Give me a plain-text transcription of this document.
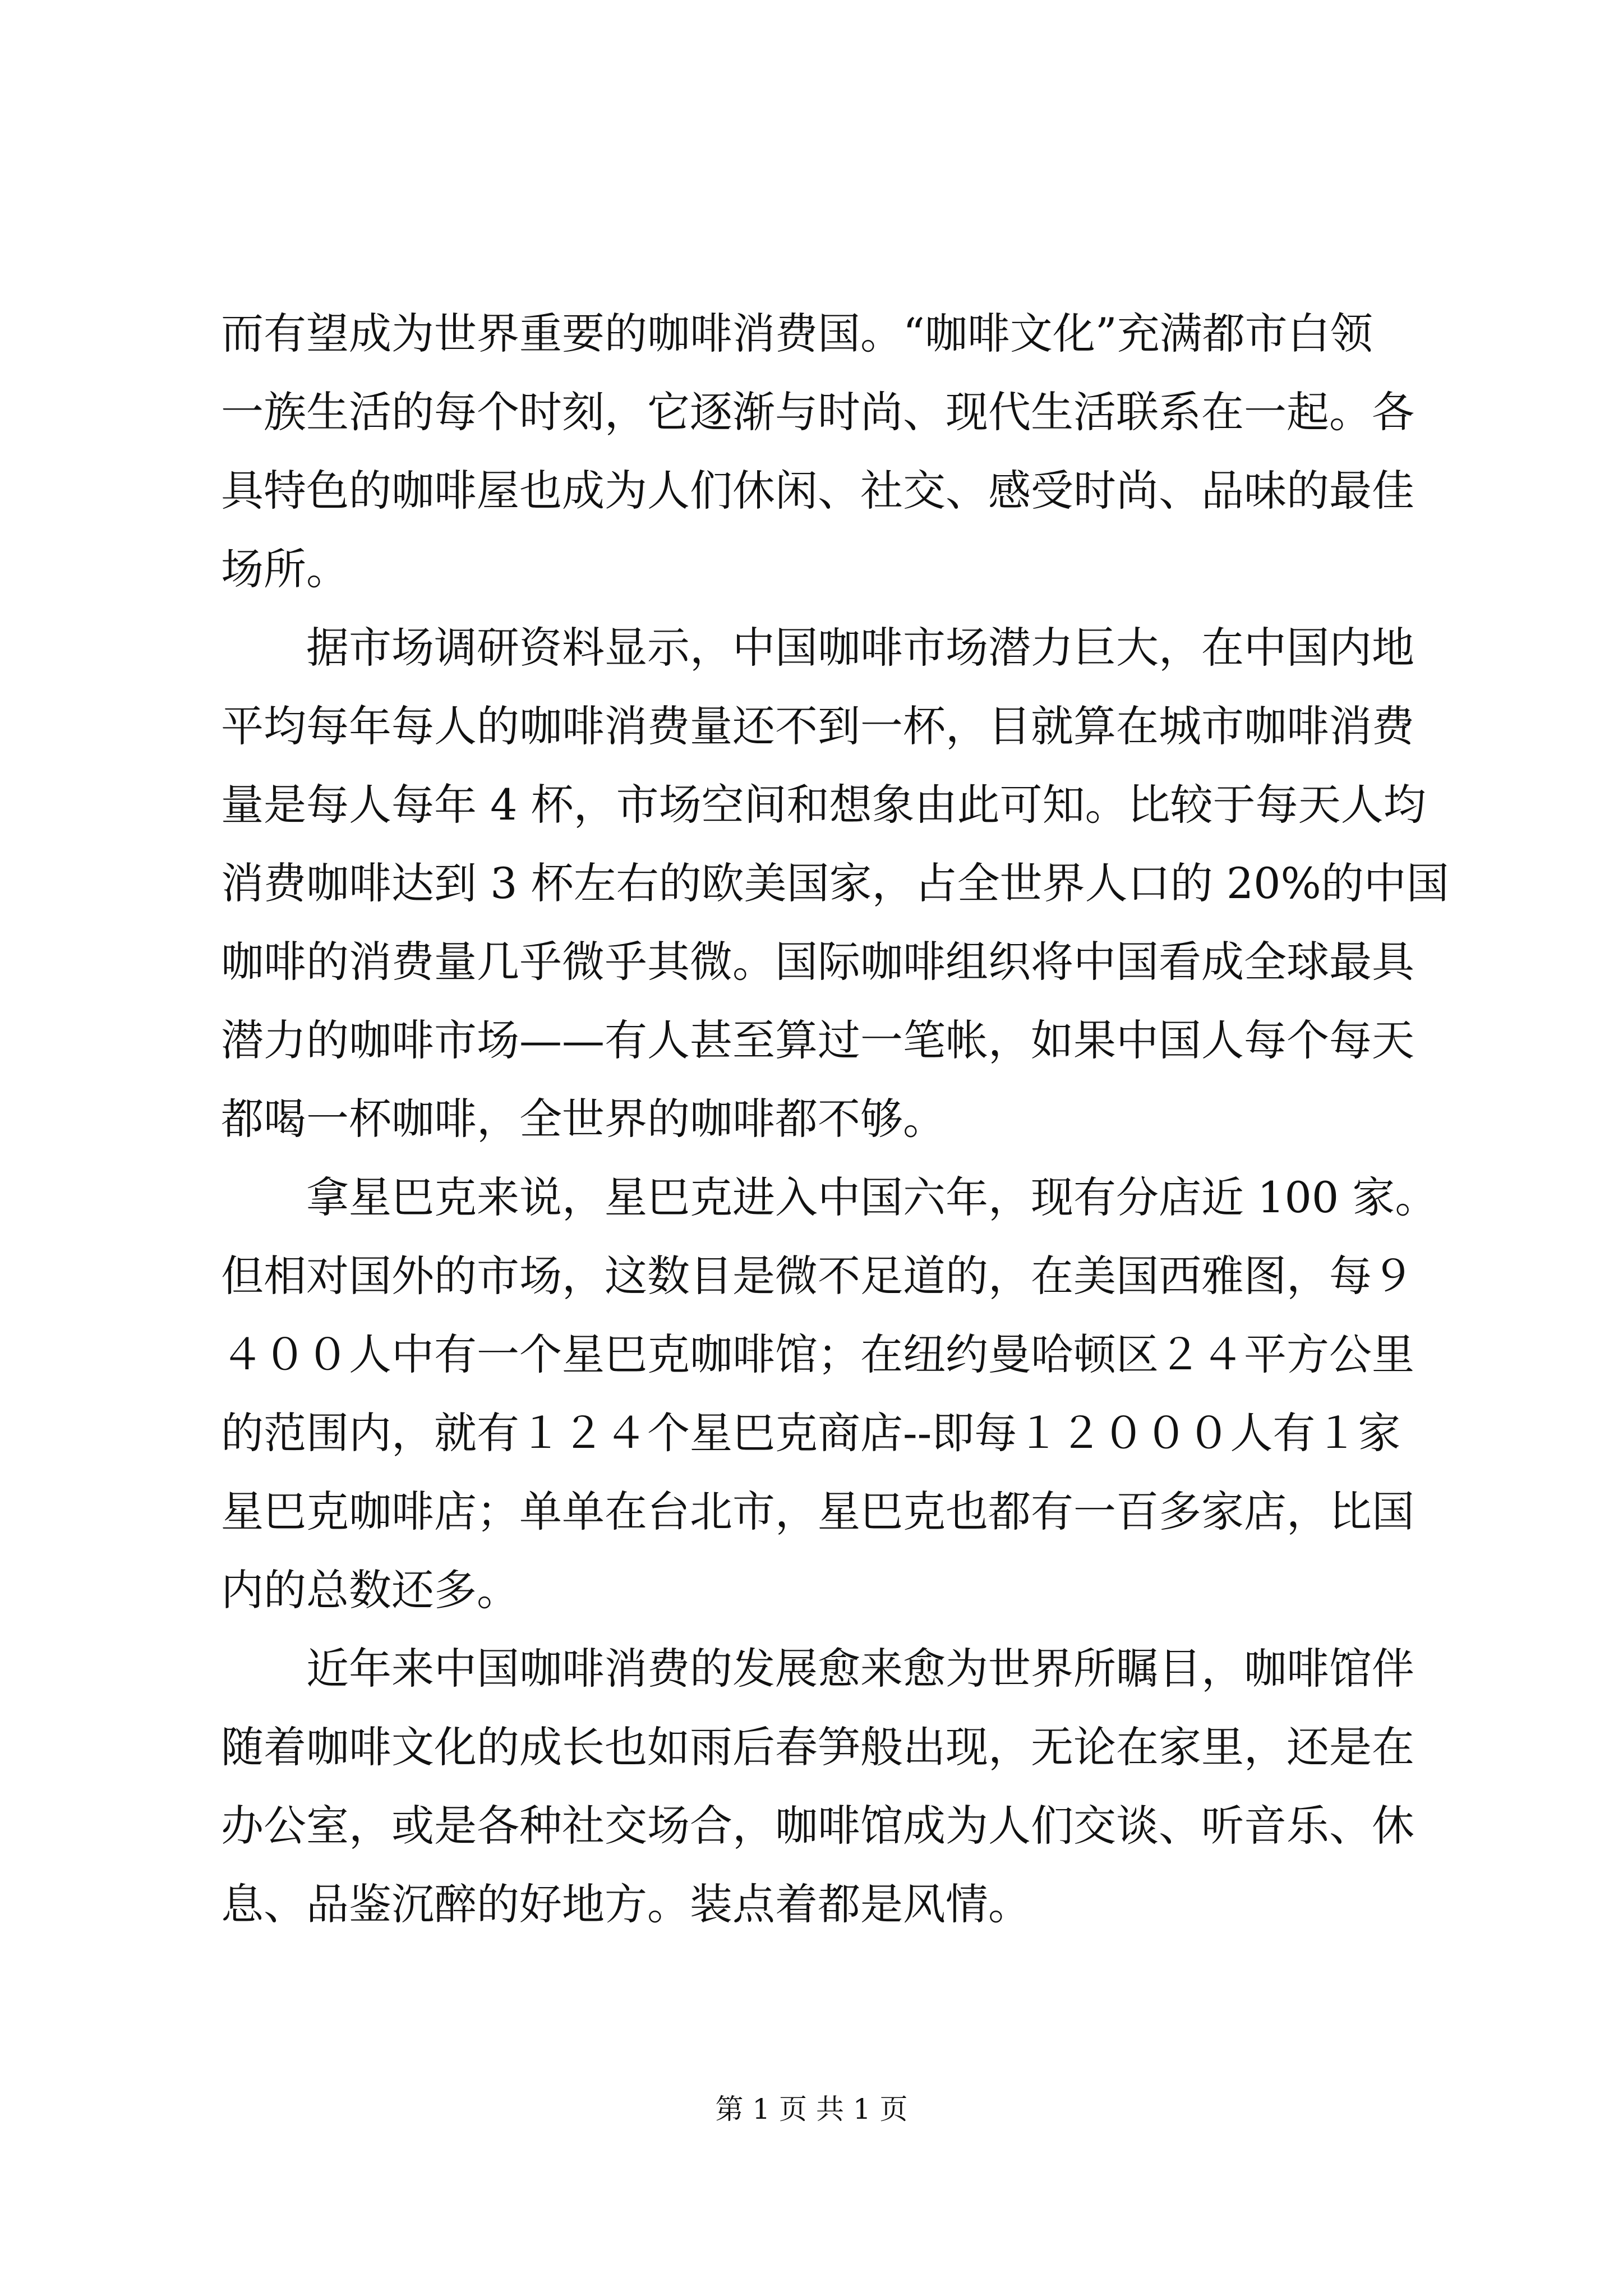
而有望成为世界重要的咖啡消费国。“咖啡文化”充满都市白领
一族生活的每个时刻，它逐渐与时尚、现代生活联系在一起。各
具特色的咖啡屋也成为人们休闲、社交、感受时尚、品味的最佳
场所。
　　据市场调研资料显示，中国咖啡市场潜力巨大，在中国内地
平均每年每人的咖啡消费量还不到一杯，目就算在城市咖啡消费
量是每人每年 4 杯，市场空间和想象由此可知。比较于每天人均
消费咖啡达到 3 杯左右的欧美国家，占全世界人口的 20%的中国
咖啡的消费量几乎微乎其微。国际咖啡组织将中国看成全球最具
潜力的咖啡市场——有人甚至算过一笔帐，如果中国人每个每天
都喝一杯咖啡，全世界的咖啡都不够。
　　拿星巴克来说，星巴克进入中国六年，现有分店近 100 家。
但相对国外的市场，这数目是微不足道的，在美国西雅图，每９
４００人中有一个星巴克咖啡馆；在纽约曼哈顿区２４平方公里
的范围内，就有１２４个星巴克商店--即每１２０００人有１家
星巴克咖啡店；单单在台北市，星巴克也都有一百多家店，比国
内的总数还多。
　　近年来中国咖啡消费的发展愈来愈为世界所瞩目，咖啡馆伴
随着咖啡文化的成长也如雨后春笋般出现，无论在家里，还是在
办公室，或是各种社交场合，咖啡馆成为人们交谈、听音乐、休
息、品鉴沉醉的好地方。装点着都是风情。
第 1 页 共 1 页
